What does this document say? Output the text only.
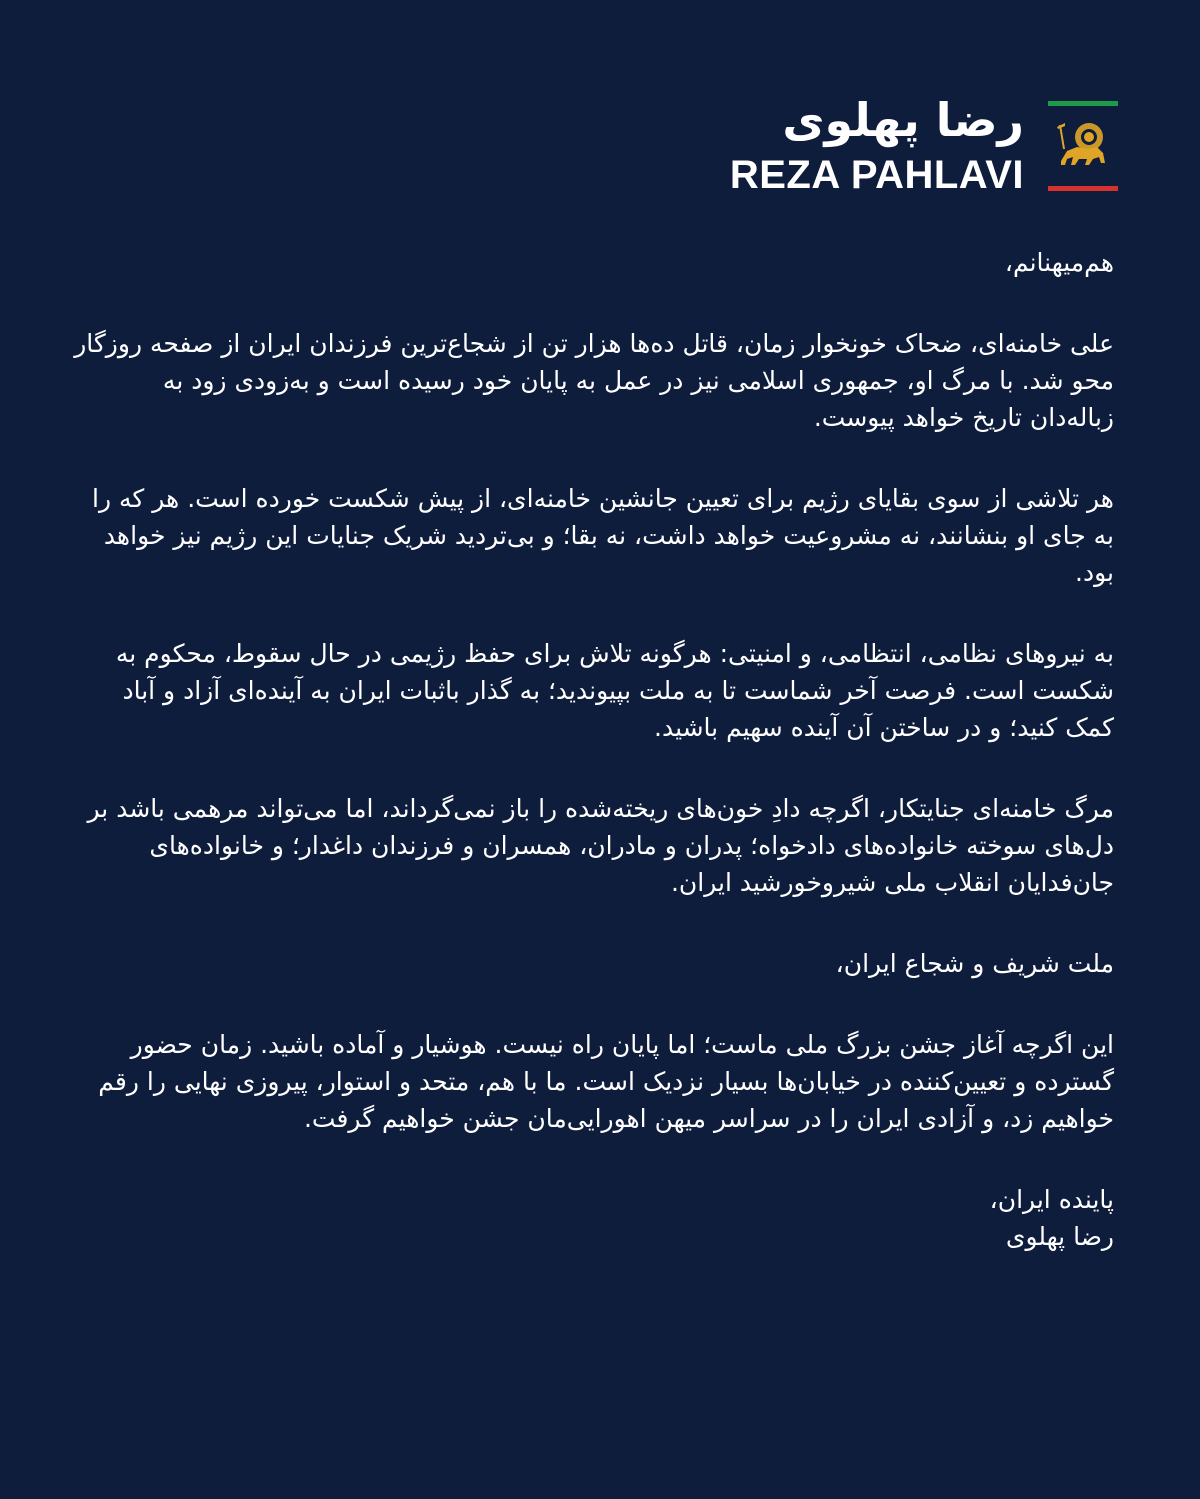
رضا پهلوی
REZA PAHLAVI

هم‌میهنانم،

علی خامنه‌ای، ضحاک خونخوار زمان، قاتل ده‌ها هزار تن از شجاع‌ترین فرزندان ایران از صفحه روزگار محو شد. با مرگ او، جمهوری اسلامی نیز در عمل به پایان خود رسیده است و به‌زودی زود به زباله‌دان تاریخ خواهد پیوست.

هر تلاشی از سوی بقایای رژیم برای تعیین جانشین خامنه‌ای، از پیش شکست خورده است. هر که را به جای او بنشانند، نه مشروعیت خواهد داشت، نه بقا؛ و بی‌تردید شریک جنایات این رژیم نیز خواهد بود.

به نیروهای نظامی، انتظامی، و امنیتی: هرگونه تلاش برای حفظ رژیمی در حال سقوط، محکوم به شکست است. فرصت آخر شماست تا به ملت بپیوندید؛ به گذار باثبات ایران به آینده‌ای آزاد و آباد کمک کنید؛ و در ساختن آن آینده سهیم باشید.

مرگ خامنه‌ای جنایتکار، اگرچه دادِ خون‌های ریخته‌شده را باز نمی‌گرداند، اما می‌تواند مرهمی باشد بر دل‌های سوخته خانواده‌های دادخواه؛ پدران و مادران، همسران و فرزندان داغدار؛ و خانواده‌های جان‌فدایان انقلاب ملی شیروخورشید ایران.

ملت شریف و شجاع ایران،

این اگرچه آغاز جشن بزرگ ملی ماست؛ اما پایان راه نیست. هوشیار و آماده باشید. زمان حضور گسترده و تعیین‌کننده در خیابان‌ها بسیار نزدیک است. ما با هم، متحد و استوار، پیروزی نهایی را رقم خواهیم زد، و آزادی ایران را در سراسر میهن اهورایی‌مان جشن خواهیم گرفت.

پاینده ایران،

رضا پهلوی
